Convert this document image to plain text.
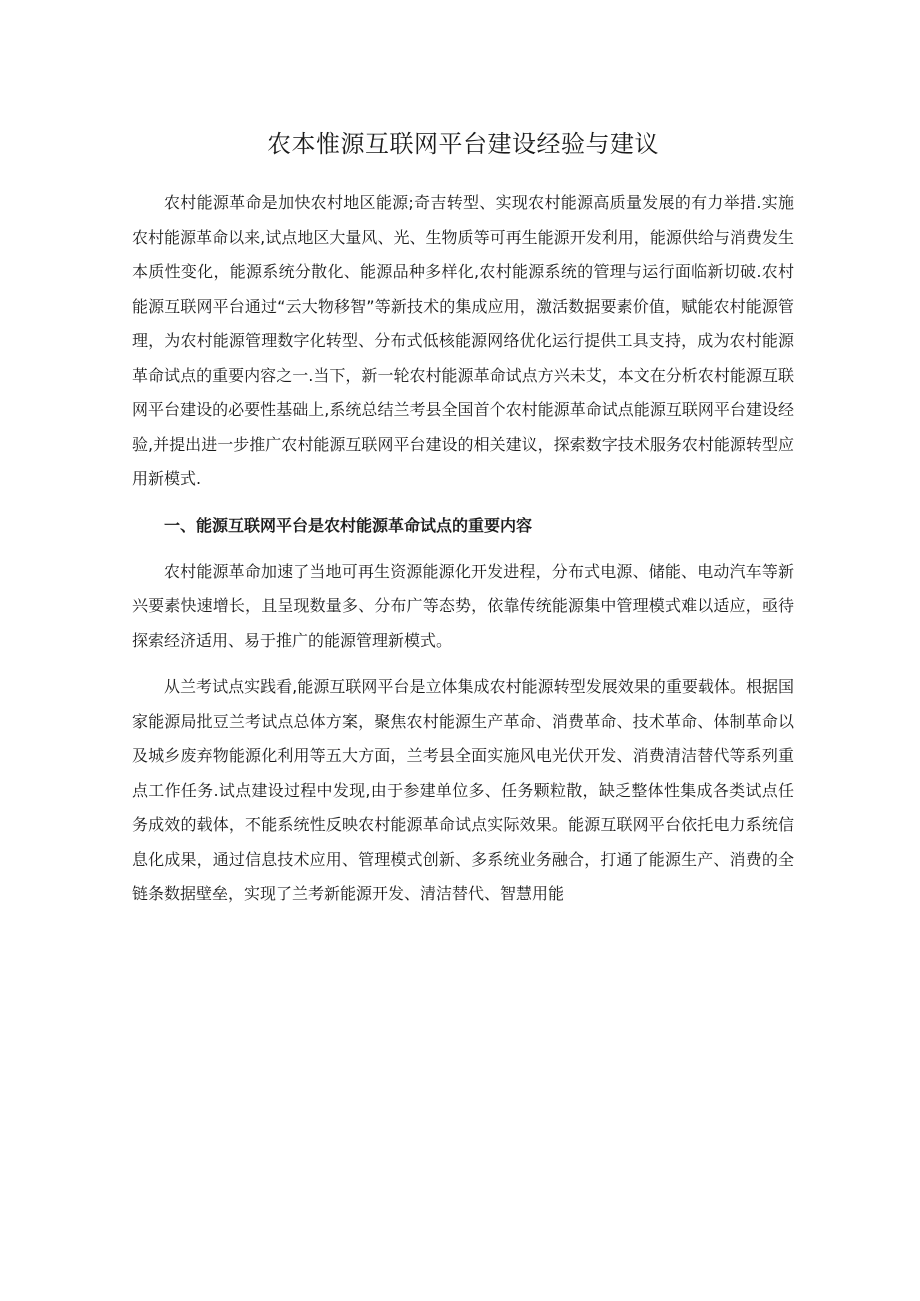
农本惟源互联网平台建设经验与建议

农村能源革命是加快农村地区能源;奇吉转型、实现农村能源高质量发展的有力举措.实施农村能源革命以来,试点地区大量风、光、生物质等可再生能源开发利用，能源供给与消费发生本质性变化，能源系统分散化、能源品种多样化,农村能源系统的管理与运行面临新切破.农村能源互联网平台通过“云大物移智”等新技术的集成应用，激活数据要素价值，赋能农村能源管理，为农村能源管理数字化转型、分布式低核能源网络优化运行提供工具支持，成为农村能源革命试点的重要内容之一.当下，新一轮农村能源革命试点方兴未艾，本文在分析农村能源互联网平台建设的必要性基础上,系统总结兰考县全国首个农村能源革命试点能源互联网平台建设经验,并提出进一步推广农村能源互联网平台建设的相关建议，探索数字技术服务农村能源转型应用新模式.

一、能源互联网平台是农村能源革命试点的重要内容

农村能源革命加速了当地可再生资源能源化开发进程，分布式电源、储能、电动汽车等新兴要素快速增长，且呈现数量多、分布广等态势，依靠传统能源集中管理模式难以适应，亟待探索经济适用、易于推广的能源管理新模式。

从兰考试点实践看,能源互联网平台是立体集成农村能源转型发展效果的重要载体。根据国家能源局批豆兰考试点总体方案，聚焦农村能源生产革命、消费革命、技术革命、体制革命以及城乡废弃物能源化利用等五大方面，兰考县全面实施风电光伏开发、消费清洁替代等系列重点工作任务.试点建设过程中发现,由于参建单位多、任务颗粒散，缺乏整体性集成各类试点任务成效的载体，不能系统性反映农村能源革命试点实际效果。能源互联网平台依托电力系统信息化成果，通过信息技术应用、管理模式创新、多系统业务融合，打通了能源生产、消费的全链条数据壁垒，实现了兰考新能源开发、清洁替代、智慧用能
